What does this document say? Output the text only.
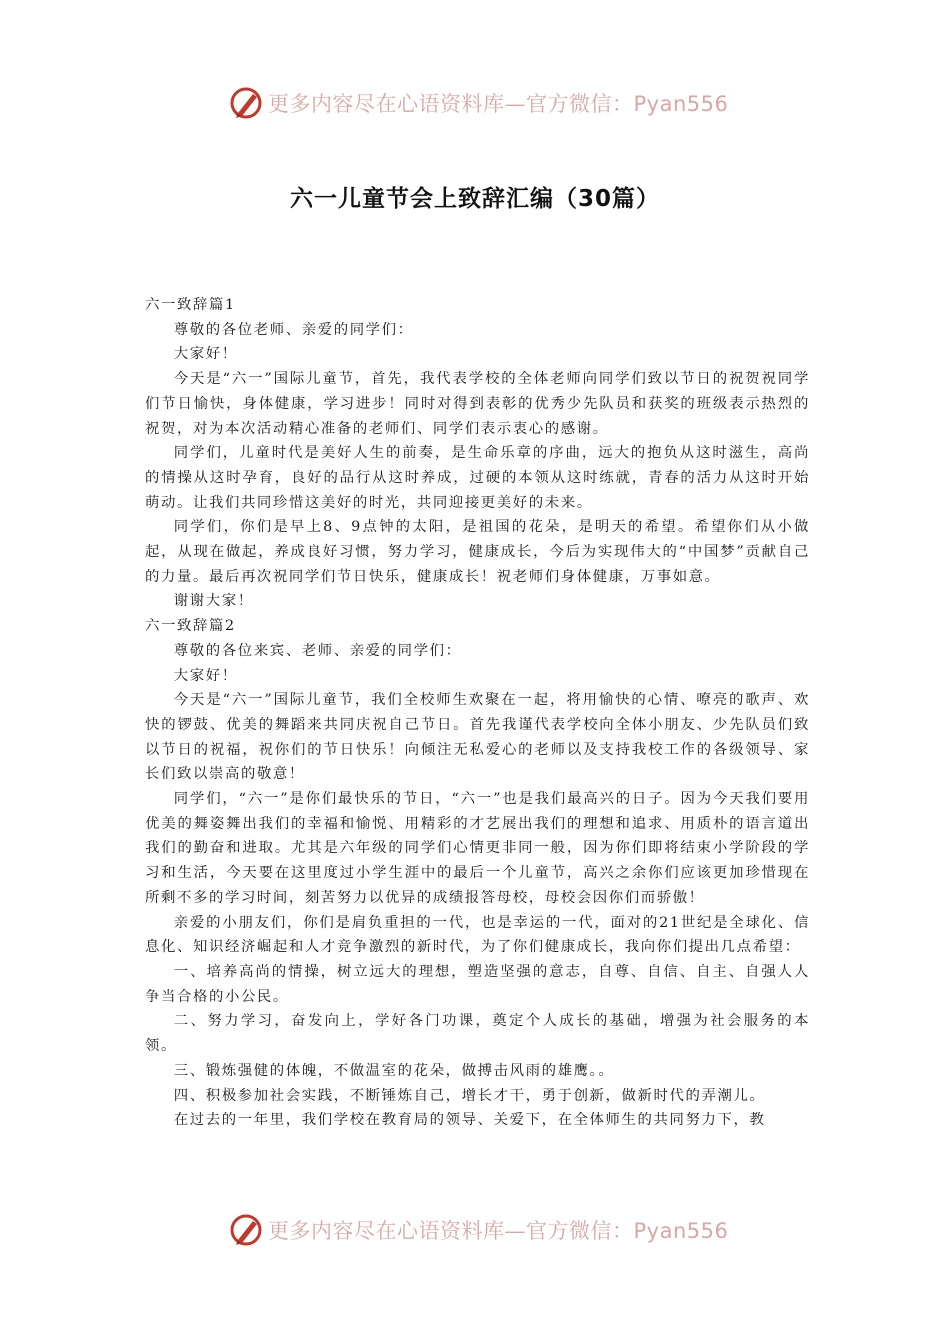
更多内容尽在心语资料库—官方微信：Pyan556
六一儿童节会上致辞汇编（30篇）

六一致辞篇1

尊敬的各位老师、亲爱的同学们：

大家好！

今天是“六一”国际儿童节，首先，我代表学校的全体老师向同学们致以节日的祝贺祝同学们节日愉快，身体健康，学习进步！同时对得到表彰的优秀少先队员和获奖的班级表示热烈的祝贺，对为本次活动精心准备的老师们、同学们表示衷心的感谢。

同学们，儿童时代是美好人生的前奏，是生命乐章的序曲，远大的抱负从这时滋生，高尚的情操从这时孕育，良好的品行从这时养成，过硬的本领从这时练就，青春的活力从这时开始萌动。让我们共同珍惜这美好的时光，共同迎接更美好的未来。

同学们，你们是早上8、9点钟的太阳，是祖国的花朵，是明天的希望。希望你们从小做起，从现在做起，养成良好习惯，努力学习，健康成长，今后为实现伟大的“中国梦”贡献自己的力量。最后再次祝同学们节日快乐，健康成长！祝老师们身体健康，万事如意。

谢谢大家！

六一致辞篇2

尊敬的各位来宾、老师、亲爱的同学们：

大家好！

今天是“六一”国际儿童节，我们全校师生欢聚在一起，将用愉快的心情、嘹亮的歌声、欢快的锣鼓、优美的舞蹈来共同庆祝自己节日。首先我谨代表学校向全体小朋友、少先队员们致以节日的祝福，祝你们的节日快乐！向倾注无私爱心的老师以及支持我校工作的各级领导、家长们致以崇高的敬意！

同学们，“六一”是你们最快乐的节日，“六一”也是我们最高兴的日子。因为今天我们要用优美的舞姿舞出我们的幸福和愉悦、用精彩的才艺展出我们的理想和追求、用质朴的语言道出我们的勤奋和进取。尤其是六年级的同学们心情更非同一般，因为你们即将结束小学阶段的学习和生活，今天要在这里度过小学生涯中的最后一个儿童节，高兴之余你们应该更加珍惜现在所剩不多的学习时间，刻苦努力以优异的成绩报答母校，母校会因你们而骄傲！

亲爱的小朋友们，你们是肩负重担的一代，也是幸运的一代，面对的21世纪是全球化、信息化、知识经济崛起和人才竞争激烈的新时代，为了你们健康成长，我向你们提出几点希望：

一、培养高尚的情操，树立远大的理想，塑造坚强的意志，自尊、自信、自主、自强人人争当合格的小公民。

二、努力学习，奋发向上，学好各门功课，奠定个人成长的基础，增强为社会服务的本领。

三、锻炼强健的体魄，不做温室的花朵，做搏击风雨的雄鹰。。

四、积极参加社会实践，不断锤炼自己，增长才干，勇于创新，做新时代的弄潮儿。

在过去的一年里，我们学校在教育局的领导、关爱下，在全体师生的共同努力下，教

更多内容尽在心语资料库—官方微信：Pyan556
